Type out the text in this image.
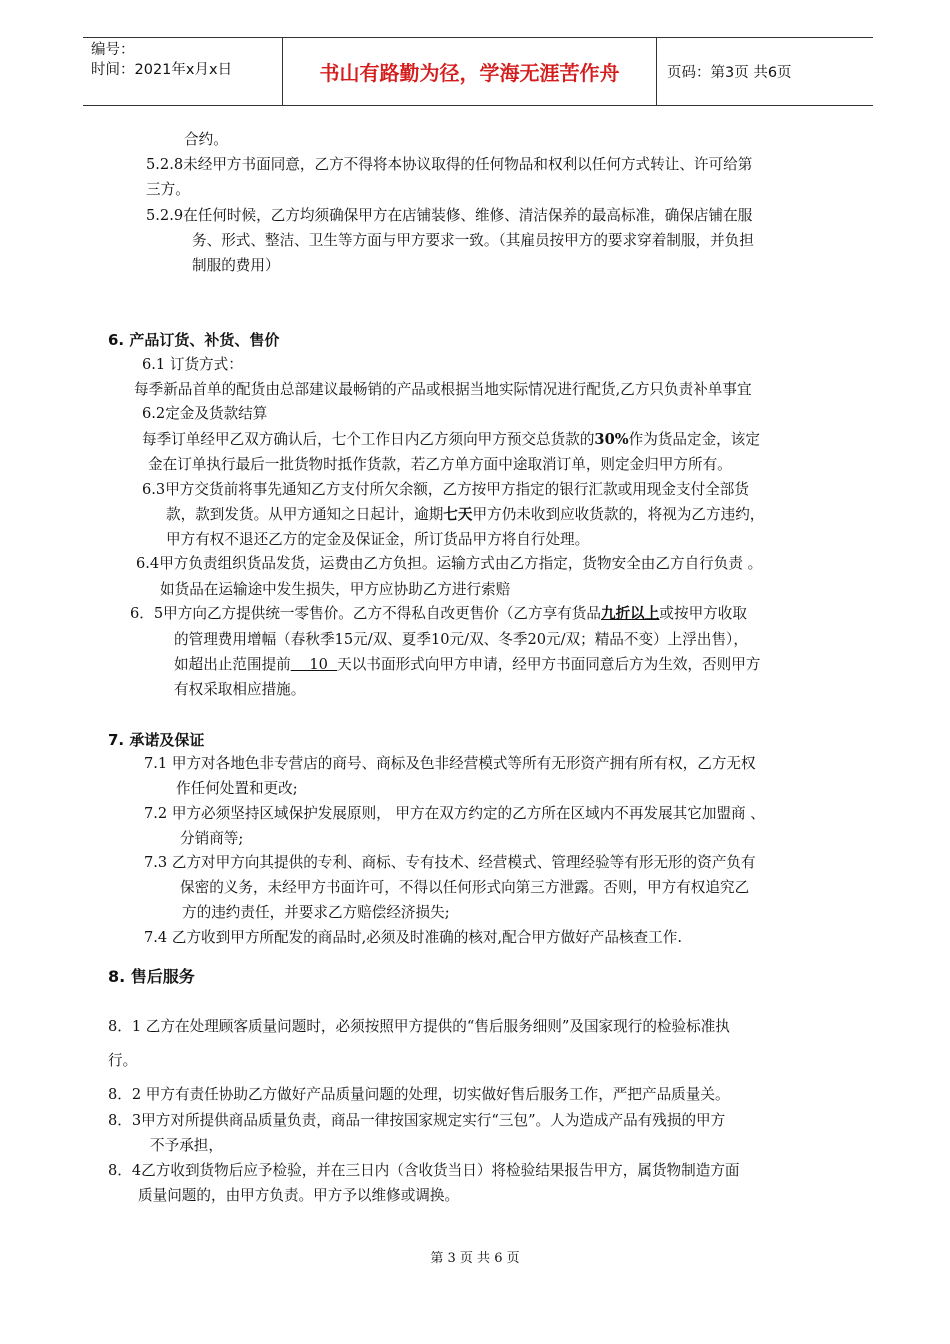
编号：
时间：2021年x月x日	书山有路勤为径，学海无涯苦作舟	页码：第3页 共6页
合约。
5.2.8未经甲方书面同意，乙方不得将本协议取得的任何物品和权利以任何方式转让、许可给第
三方。
5.2.9在任何时候，乙方均须确保甲方在店铺装修、维修、清洁保养的最高标准，确保店铺在服
务、形式、整洁、卫生等方面与甲方要求一致。（其雇员按甲方的要求穿着制服，并负担
制服的费用）
6. 产品订货、补货、售价
6.1 订货方式：
每季新品首单的配货由总部建议最畅销的产品或根据当地实际情况进行配货,乙方只负责补单事宜
6.2定金及货款结算
每季订单经甲乙双方确认后，七个工作日内乙方须向甲方预交总货款的30%作为货品定金，该定
金在订单执行最后一批货物时抵作货款，若乙方单方面中途取消订单，则定金归甲方所有。
6.3甲方交货前将事先通知乙方支付所欠余额，乙方按甲方指定的银行汇款或用现金支付全部货
款，款到发货。从甲方通知之日起计，逾期七天甲方仍未收到应收货款的，将视为乙方违约，
甲方有权不退还乙方的定金及保证金，所订货品甲方将自行处理。
6.4甲方负责组织货品发货，运费由乙方负担。运输方式由乙方指定，货物安全由乙方自行负责 。
如货品在运输途中发生损失，甲方应协助乙方进行索赔
6．5甲方向乙方提供统一零售价。乙方不得私自改更售价（乙方享有货品九折以上或按甲方收取
的管理费用增幅（春秋季15元/双、夏季10元/双、冬季20元/双；精品不变）上浮出售），
如超出止范围提前    10  天以书面形式向甲方申请，经甲方书面同意后方为生效，否则甲方
有权采取相应措施。
7. 承诺及保证
7.1 甲方对各地色非专营店的商号、商标及色非经营模式等所有无形资产拥有所有权，乙方无权
作任何处置和更改;
7.2 甲方必须坚持区域保护发展原则， 甲方在双方约定的乙方所在区域内不再发展其它加盟商 、
分销商等;
7.3 乙方对甲方向其提供的专利、商标、专有技术、经营模式、管理经验等有形无形的资产负有
保密的义务，未经甲方书面许可，不得以任何形式向第三方泄露。否则，甲方有权追究乙
方的违约责任，并要求乙方赔偿经济损失;
7.4 乙方收到甲方所配发的商品时,必须及时准确的核对,配合甲方做好产品核查工作.
8. 售后服务
8．1 乙方在处理顾客质量问题时，必须按照甲方提供的“售后服务细则”及国家现行的检验标准执
行。
8．2 甲方有责任协助乙方做好产品质量问题的处理，切实做好售后服务工作，严把产品质量关。
8．3甲方对所提供商品质量负责，商品一律按国家规定实行“三包”。人为造成产品有残损的甲方
不予承担，
8．4乙方收到货物后应予检验，并在三日内（含收货当日）将检验结果报告甲方，属货物制造方面
质量问题的，由甲方负责。甲方予以维修或调换。
第 3 页 共 6 页
